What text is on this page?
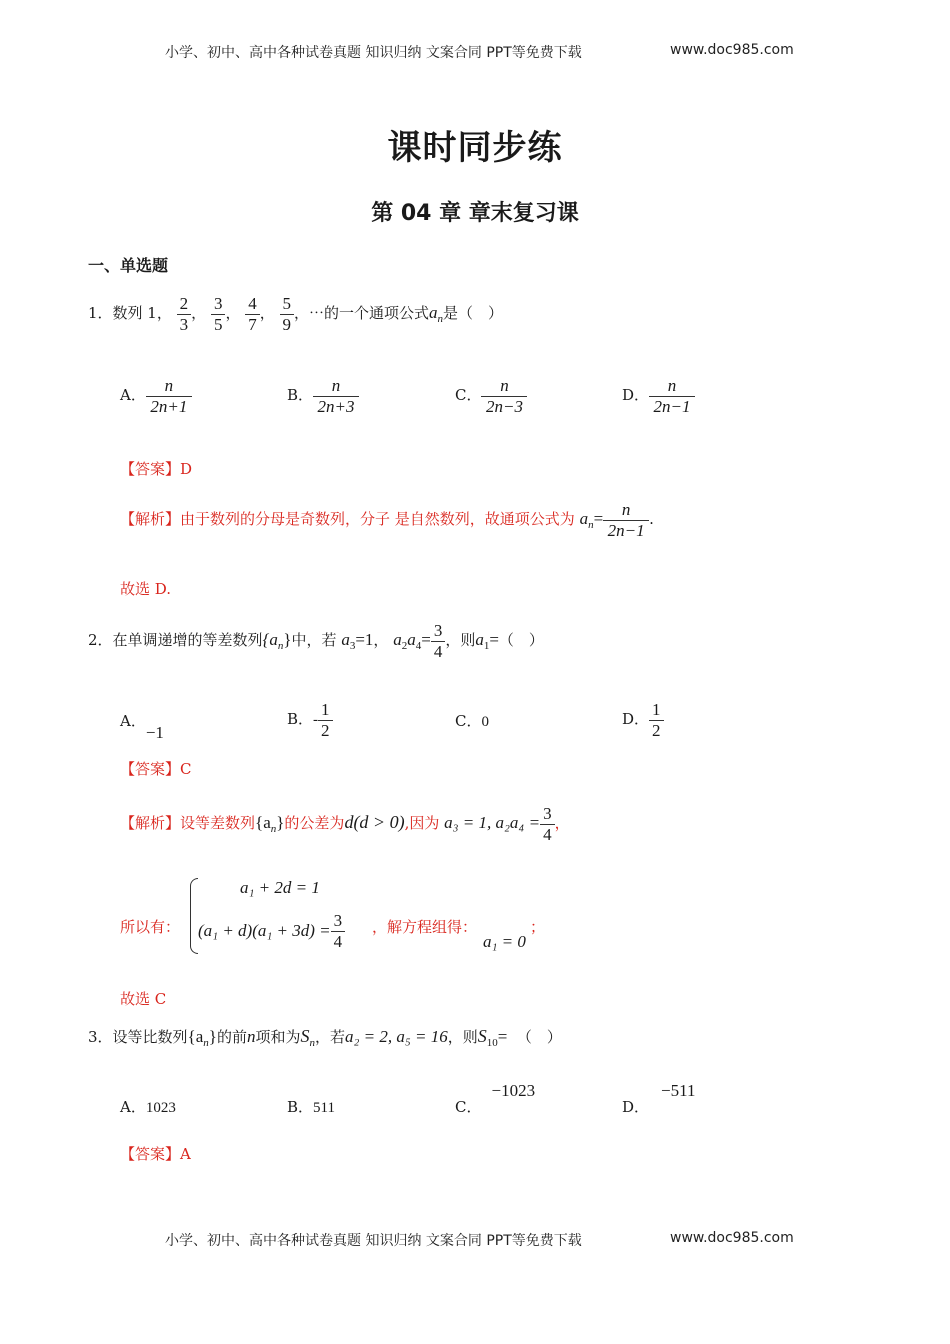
小学、初中、高中各种试卷真题 知识归纳 文案合同 PPT等免费下载	www.doc985.com
课时同步练
第 04 章 章末复习课
一、单选题
1．数列 1， $\frac{2}{3}$ ， $\frac{3}{5}$ ， $\frac{4}{7}$ ， $\frac{5}{9}$ ，⋯的一个通项公式$a_n$是（　）
A． $\frac{n}{2n+1}$	B． $\frac{n}{2n+3}$	C． $\frac{n}{2n-3}$	D． $\frac{n}{2n-1}$
【答案】D
【解析】由于数列的分母是奇数列，分子 是自然数列，故通项公式为 $a_n= \frac{n}{2n-1}$ .
故选 D.
2．在单调递增的等差数列$\{a_n\}$中，若 $a_3=1$， $a_2a_4= \frac{3}{4}$ ，则$a_1=$（　）
A．−1
B．- $\frac{1}{2}$	C．0	D． $\frac{1}{2}$
【答案】C
【解析】设等差数列$\{a_n\}$的公差为d(d > 0),因为 a₃ = 1, $a_2a_4 = \frac{3}{4}$ ，
所以有：
a₁ + 2d = 1
$(a_1 + d)(a_1 + 3d) = \frac{3}{4}$ ，解方程组得：
a₁ = 0
；
故选 C
3．设等比数列$\{a_n\}$的前n项和为$S_n$，若a₂ = 2, a₅ = 16，则$S_{10}=$ （　）
A．1023	B．511	C．−1023
D．−511
【答案】A
小学、初中、高中各种试卷真题 知识归纳 文案合同 PPT等免费下载	www.doc985.com
